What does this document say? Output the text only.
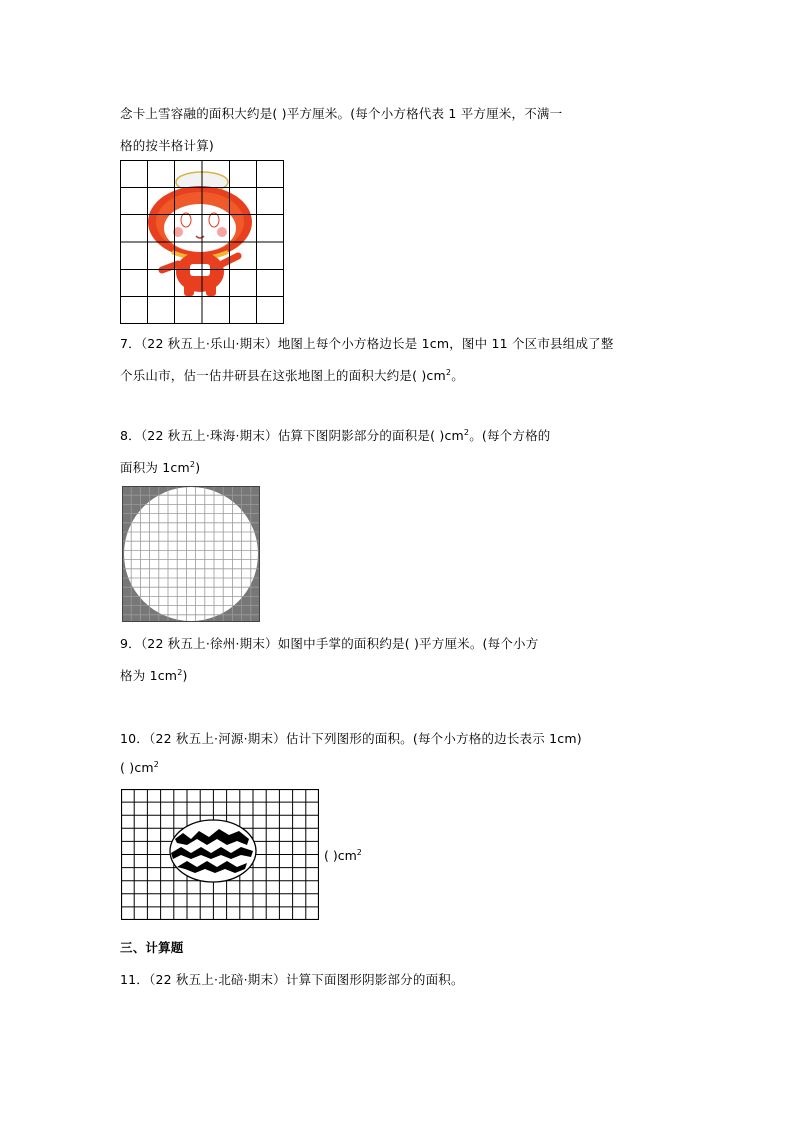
念卡上雪容融的面积大约是( )平方厘米。(每个小方格代表 1 平方厘米，不满一
格的按半格计算)
7．（22 秋五上·乐山·期末）地图上每个小方格边长是 1cm，图中 11 个区市县组成了整
个乐山市，估一估井研县在这张地图上的面积大约是( )$cm^2$。
8．（22 秋五上·珠海·期末）估算下图阴影部分的面积是( )$cm^2$。(每个方格的
面积为 $1cm^2$)
9．（22 秋五上·徐州·期末）如图中手掌的面积约是( )平方厘米。(每个小方
格为 $1cm^2$)
10．（22 秋五上·河源·期末）估计下列图形的面积。(每个小方格的边长表示 1cm)
( )$cm^2$
( )$cm^2$
三、计算题
11．（22 秋五上·北碚·期末）计算下面图形阴影部分的面积。
